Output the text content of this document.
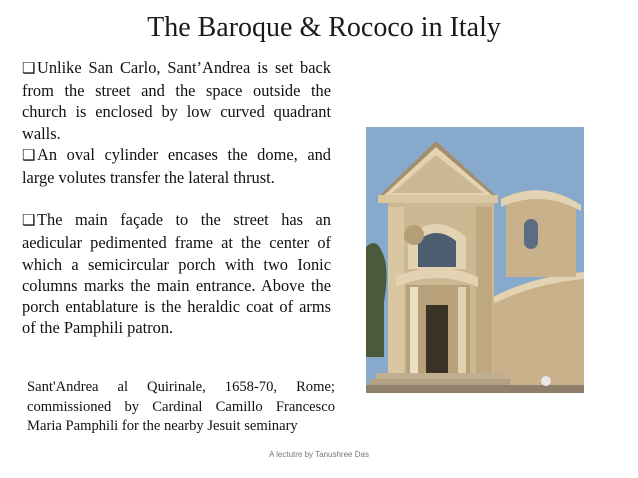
The Baroque & Rococo in Italy

❑Unlike San Carlo, Sant’Andrea is set back from the street and the space outside the church is enclosed by low curved quadrant walls.

❑An oval cylinder encases the dome, and large volutes transfer the lateral thrust.

❑The main façade to the street has an aedicular pedimented frame at the center of which a semicircular porch with two Ionic columns marks the main entrance. Above the porch entablature is the heraldic coat of arms of the Pamphili patron.

Sant'Andrea al Quirinale, 1658-70, Rome; commissioned by Cardinal Camillo Francesco Maria Pamphili for the nearby Jesuit seminary
A lectutre by Tanushree Das
